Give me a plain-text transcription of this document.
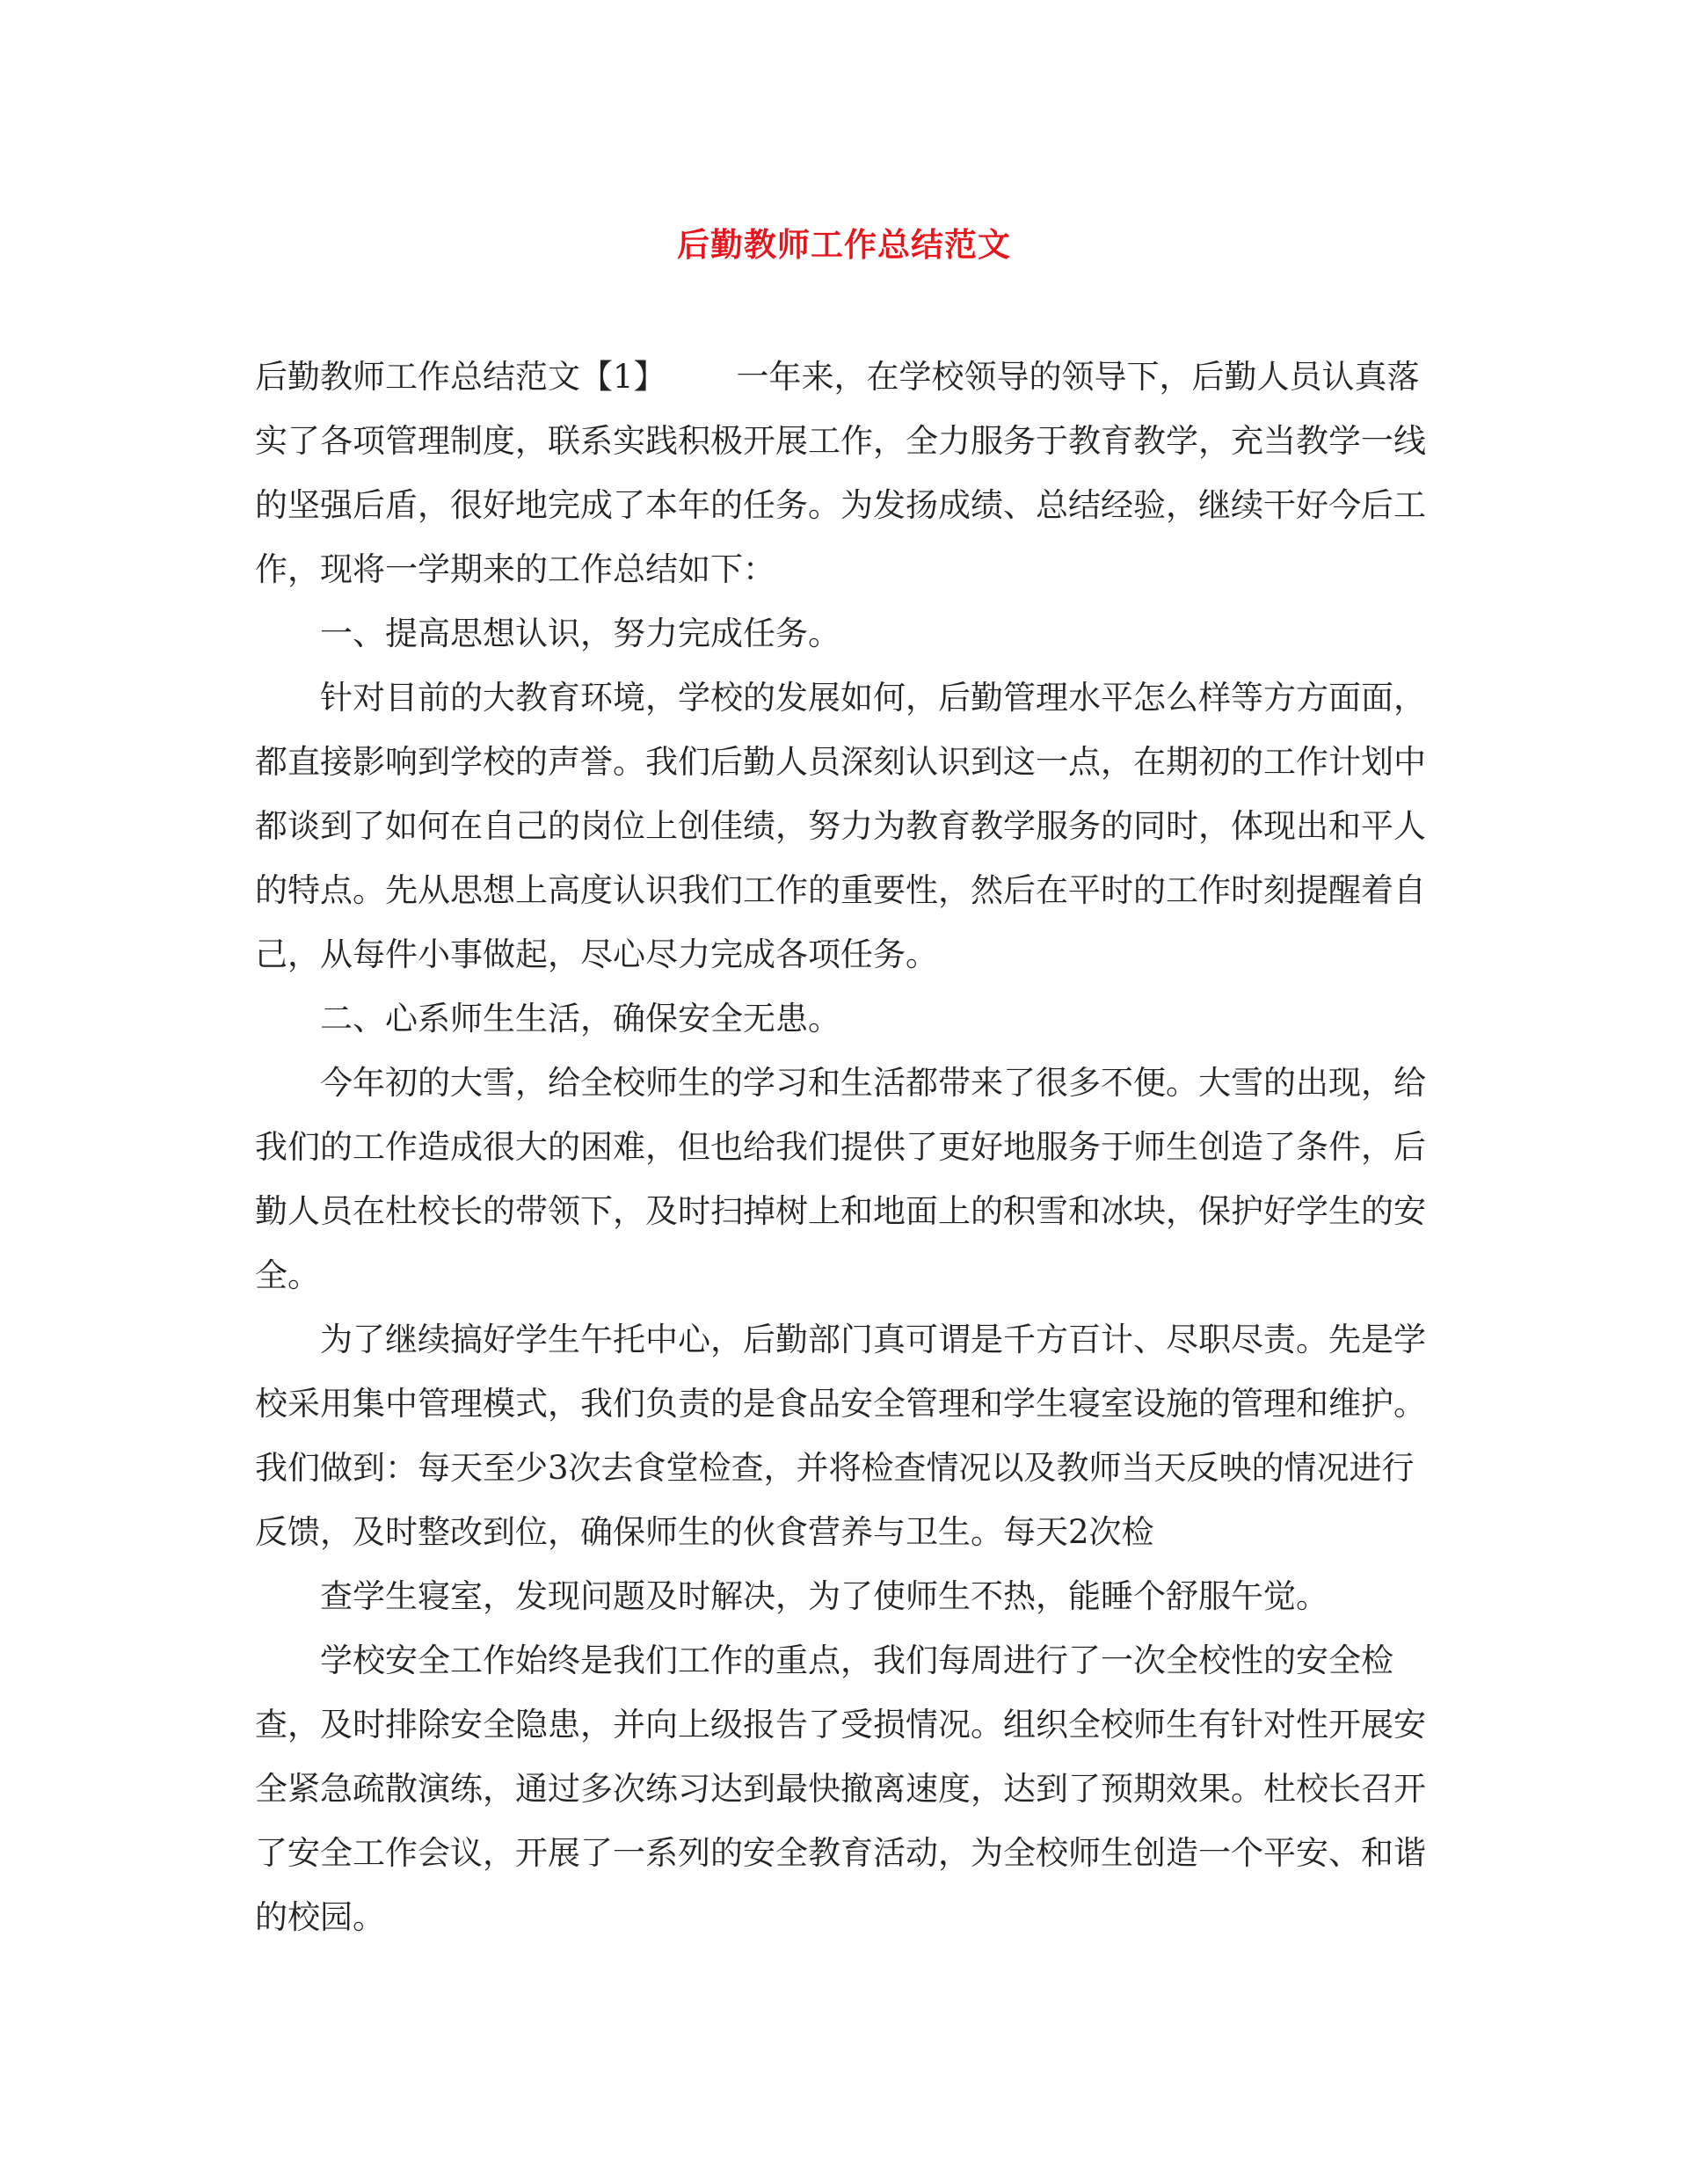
后勤教师工作总结范文

后勤教师工作总结范文【1】 一年来，在学校领导的领导下，后勤人员认真落实了各项管理制度，联系实践积极开展工作，全力服务于教育教学，充当教学一线的坚强后盾，很好地完成了本年的任务。为发扬成绩、总结经验，继续干好今后工作，现将一学期来的工作总结如下：

一、提高思想认识，努力完成任务。

针对目前的大教育环境，学校的发展如何，后勤管理水平怎么样等方方面面，都直接影响到学校的声誉。我们后勤人员深刻认识到这一点，在期初的工作计划中都谈到了如何在自己的岗位上创佳绩，努力为教育教学服务的同时，体现出和平人的特点。先从思想上高度认识我们工作的重要性，然后在平时的工作时刻提醒着自己，从每件小事做起，尽心尽力完成各项任务。

二、心系师生生活，确保安全无患。

今年初的大雪，给全校师生的学习和生活都带来了很多不便。大雪的出现，给我们的工作造成很大的困难，但也给我们提供了更好地服务于师生创造了条件，后勤人员在杜校长的带领下，及时扫掉树上和地面上的积雪和冰块，保护好学生的安全。

为了继续搞好学生午托中心，后勤部门真可谓是千方百计、尽职尽责。先是学校采用集中管理模式，我们负责的是食品安全管理和学生寝室设施的管理和维护。我们做到：每天至少3次去食堂检查，并将检查情况以及教师当天反映的情况进行反馈，及时整改到位，确保师生的伙食营养与卫生。每天2次检

查学生寝室，发现问题及时解决，为了使师生不热，能睡个舒服午觉。

学校安全工作始终是我们工作的重点，我们每周进行了一次全校性的安全检查，及时排除安全隐患，并向上级报告了受损情况。组织全校师生有针对性开展安全紧急疏散演练，通过多次练习达到最快撤离速度，达到了预期效果。杜校长召开了安全工作会议，开展了一系列的安全教育活动，为全校师生创造一个平安、和谐的校园。
